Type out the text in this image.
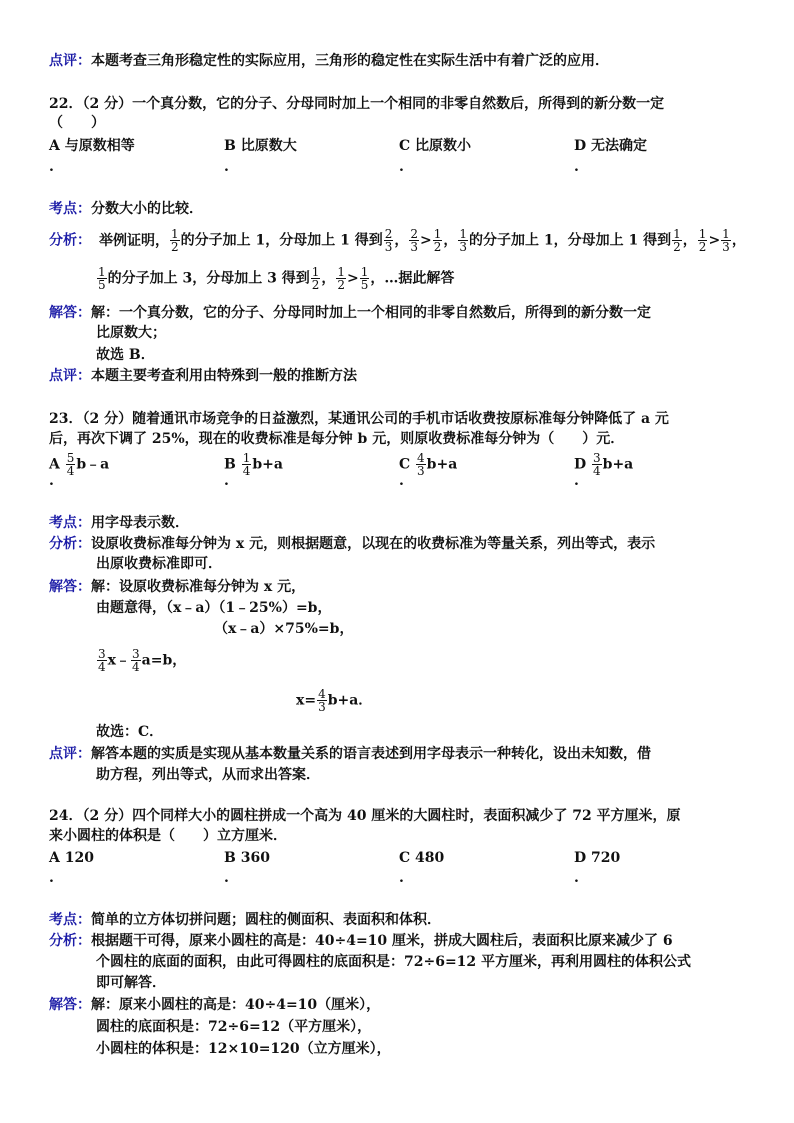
点评：本题考查三角形稳定性的实际应用，三角形的稳定性在实际生活中有着广泛的应用．
22．（2 分）一个真分数，它的分子、分母同时加上一个相同的非零自然数后，所得到的新分数一定
（　　）
A 与原数相等	B 比原数大	C 比原数小	D 无法确定
.	.	.	.
考点：分数大小的比较．
分析： 举例证明， $\frac{1}{2}$ 的分子加上 1，分母加上 1 得到 $\frac{2}{3}$ ， $\frac{2}{3} > \frac{1}{2}$ ， $\frac{1}{3}$ 的分子加上 1，分母加上 1 得到 $\frac{1}{2}$ ， $\frac{1}{2} > \frac{1}{3}$ ，
$\frac{1}{5}$ 的分子加上 3，分母加上 3 得到 $\frac{1}{2}$ ， $\frac{1}{2} > \frac{1}{5}$ ，…据此解答
解答：解：一个真分数，它的分子、分母同时加上一个相同的非零自然数后，所得到的新分数一定
比原数大；
故选 B．
点评：本题主要考查利用由特殊到一般的推断方法
23．（2 分）随着通讯市场竞争的日益激烈，某通讯公司的手机市话收费按原标准每分钟降低了 a 元
后，再次下调了 25%，现在的收费标准是每分钟 b 元，则原收费标准每分钟为（　　）元．
A $\frac{5}{4}$ b﹣a	B $\frac{1}{4} b+a$	C $\frac{4}{3} b+a$	D $\frac{3}{4} b+a$
.	.	.	.
考点：用字母表示数．
分析：设原收费标准每分钟为 x 元，则根据题意，以现在的收费标准为等量关系，列出等式，表示
出原收费标准即可．
解答：解：设原收费标准每分钟为 x 元，
由题意得，（x﹣a）（1﹣25%）=b，
（x﹣a）×75%=b，
$\frac{3}{4}$ x﹣ $\frac{3}{4} a=b$，
$x= \frac{4}{3} b+a$．
故选：C．
点评：解答本题的实质是实现从基本数量关系的语言表述到用字母表示一种转化，设出未知数，借
助方程，列出等式，从而求出答案．
24．（2 分）四个同样大小的圆柱拼成一个高为 40 厘米的大圆柱时，表面积减少了 72 平方厘米，原
来小圆柱的体积是（　　）立方厘米．
A 120	B 360	C 480	D 720
.	.	.	.
考点：简单的立方体切拼问题；圆柱的侧面积、表面积和体积．
分析：根据题干可得，原来小圆柱的高是：40÷4=10 厘米，拼成大圆柱后，表面积比原来减少了 6
个圆柱的底面的面积，由此可得圆柱的底面积是：72÷6=12 平方厘米，再利用圆柱的体积公式
即可解答．
解答：解：原来小圆柱的高是：40÷4=10（厘米），
圆柱的底面积是：72÷6=12（平方厘米），
小圆柱的体积是：12×10=120（立方厘米），
